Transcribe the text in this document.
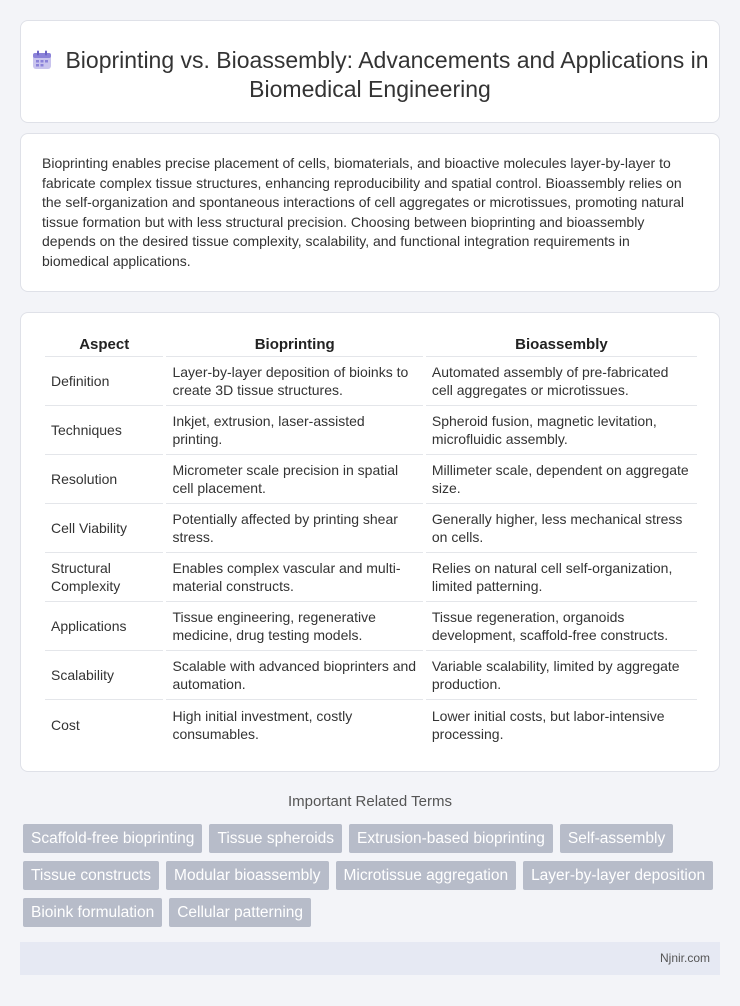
Bioprinting vs. Bioassembly: Advancements and Applications in Biomedical Engineering

Bioprinting enables precise placement of cells, biomaterials, and bioactive molecules layer-by-layer to fabricate complex tissue structures, enhancing reproducibility and spatial control. Bioassembly relies on the self-organization and spontaneous interactions of cell aggregates or microtissues, promoting natural tissue formation but with less structural precision. Choosing between bioprinting and bioassembly depends on the desired tissue complexity, scalability, and functional integration requirements in biomedical applications.

Aspect	Bioprinting	Bioassembly
Definition	Layer-by-layer deposition of bioinks to create 3D tissue structures.	Automated assembly of pre-fabricated cell aggregates or microtissues.
Techniques	Inkjet, extrusion, laser-assisted printing.	Spheroid fusion, magnetic levitation, microfluidic assembly.
Resolution	Micrometer scale precision in spatial cell placement.	Millimeter scale, dependent on aggregate size.
Cell Viability	Potentially affected by printing shear stress.	Generally higher, less mechanical stress on cells.
Structural Complexity	Enables complex vascular and multi-material constructs.	Relies on natural cell self-organization, limited patterning.
Applications	Tissue engineering, regenerative medicine, drug testing models.	Tissue regeneration, organoids development, scaffold-free constructs.
Scalability	Scalable with advanced bioprinters and automation.	Variable scalability, limited by aggregate production.
Cost	High initial investment, costly consumables.	Lower initial costs, but labor-intensive processing.
Important Related Terms
Scaffold-free bioprinting	Tissue spheroids	Extrusion-based bioprinting	Self-assembly
Tissue constructs	Modular bioassembly	Microtissue aggregation	Layer-by-layer deposition
Bioink formulation	Cellular patterning
Njnir.com
